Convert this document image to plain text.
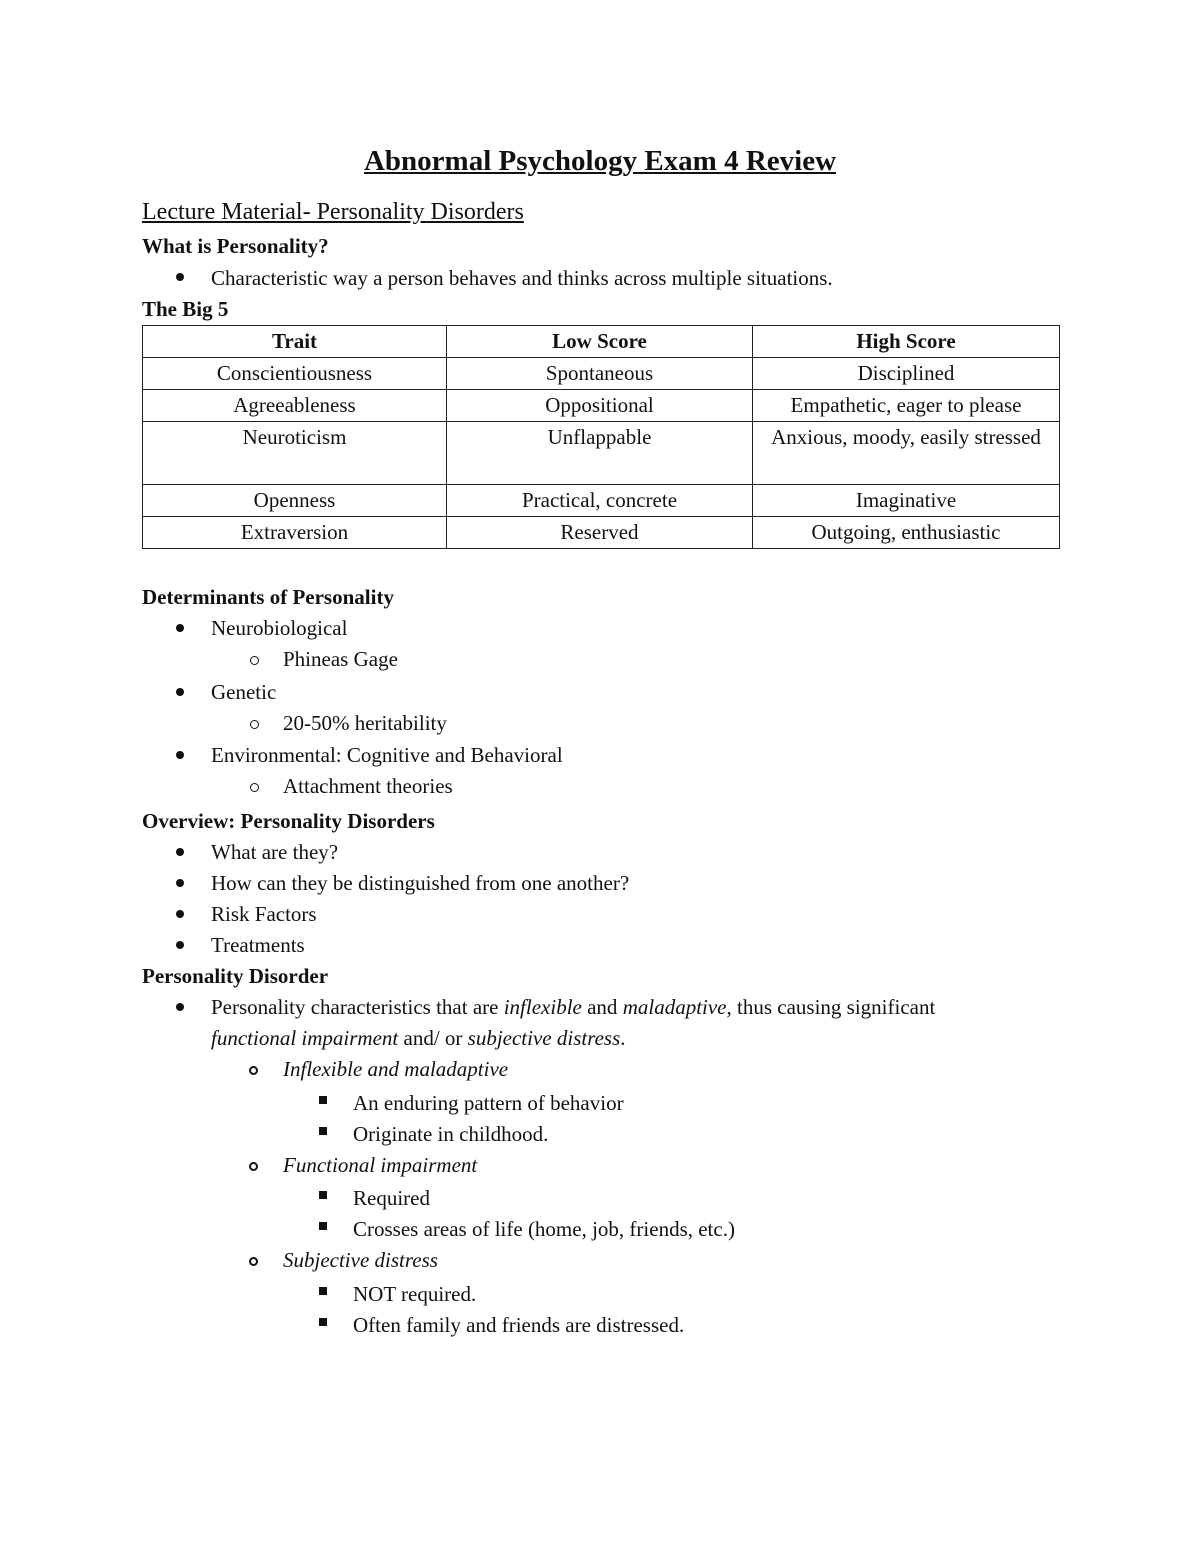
Abnormal Psychology Exam 4 Review
Lecture Material- Personality Disorders
What is Personality?
Characteristic way a person behaves and thinks across multiple situations.
The Big 5
Trait	Low Score	High Score
Conscientiousness	Spontaneous	Disciplined
Agreeableness	Oppositional	Empathetic, eager to please
Neuroticism	Unflappable	Anxious, moody, easily stressed
Openness	Practical, concrete	Imaginative
Extraversion	Reserved	Outgoing, enthusiastic
Determinants of Personality
Neurobiological
Phineas Gage
Genetic
20-50% heritability
Environmental: Cognitive and Behavioral
Attachment theories
Overview: Personality Disorders
What are they?
How can they be distinguished from one another?
Risk Factors
Treatments
Personality Disorder
Personality characteristics that are inflexible and maladaptive, thus causing significant
functional impairment and/ or subjective distress.
Inflexible and maladaptive
An enduring pattern of behavior
Originate in childhood.
Functional impairment
Required
Crosses areas of life (home, job, friends, etc.)
Subjective distress
NOT required.
Often family and friends are distressed.
